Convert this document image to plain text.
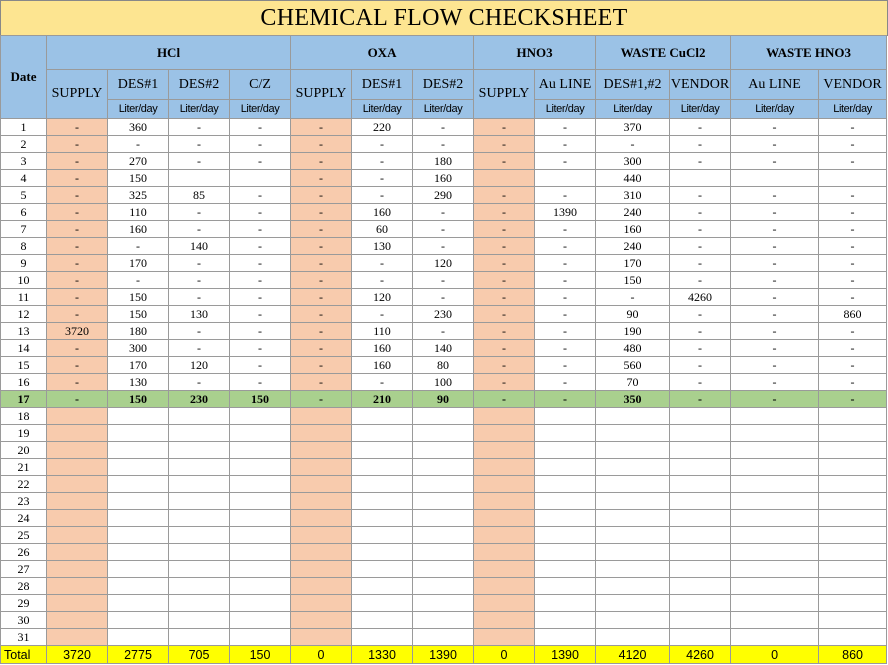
CHEMICAL FLOW CHECKSHEET
Date	HCl				OXA			HNO3		WASTE CuCl2		WASTE HNO3	
	SUPPLY	DES#1	DES#2	C/Z	SUPPLY	DES#1	DES#2	SUPPLY	Au LINE	DES#1,#2	VENDOR	Au LINE	VENDOR
		Liter/day	Liter/day	Liter/day		Liter/day	Liter/day		Liter/day	Liter/day	Liter/day	Liter/day	Liter/day
1	-	360	-	-	-	220	-	-	-	370	-	-	-
2	-	-	-	-	-	-	-	-	-	-	-	-	-
3	-	270	-	-	-	-	180	-	-	300	-	-	-
4	-	150			-	-	160			440			
5	-	325	85	-	-	-	290	-	-	310	-	-	-
6	-	110	-	-	-	160	-	-	1390	240	-	-	-
7	-	160	-	-	-	60	-	-	-	160	-	-	-
8	-	-	140	-	-	130	-	-	-	240	-	-	-
9	-	170	-	-	-	-	120	-	-	170	-	-	-
10	-	-	-	-	-	-	-	-	-	150	-	-	-
11	-	150	-	-	-	120	-	-	-	-	4260	-	-
12	-	150	130	-	-	-	230	-	-	90	-	-	860
13	3720	180	-	-	-	110	-	-	-	190	-	-	-
14	-	300	-	-	-	160	140	-	-	480	-	-	-
15	-	170	120	-	-	160	80	-	-	560	-	-	-
16	-	130	-	-	-	-	100	-	-	70	-	-	-
17	-	150	230	150	-	210	90	-	-	350	-	-	-
18													
19													
20													
21													
22													
23													
24													
25													
26													
27													
28													
29													
30													
31													
Total	3720	2775	705	150	0	1330	1390	0	1390	4120	4260	0	860
